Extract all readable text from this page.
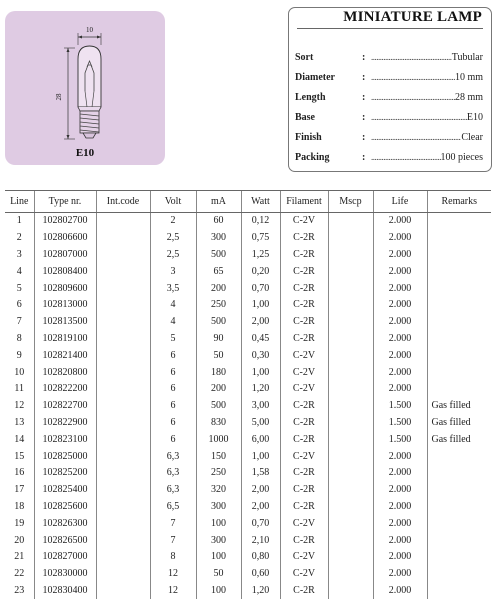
10
28
E10
MINIATURE LAMP
Sort	: .....	Tubular
Diameter	: .....	10 mm
Length	: .....	28 mm
Base	: .....	E10
Finish	: .....	Clear
Packing	: .....	100 pieces
Line	Type nr.	Int.code	Volt	mA	Watt	Filament	Mscp	Life	Remarks
1	102802700		2	60	0,12	C-2V		2.000	
2	102806600		2,5	300	0,75	C-2R		2.000	
3	102807000		2,5	500	1,25	C-2R		2.000	
4	102808400		3	65	0,20	C-2R		2.000	
5	102809600		3,5	200	0,70	C-2R		2.000	
6	102813000		4	250	1,00	C-2R		2.000	
7	102813500		4	500	2,00	C-2R		2.000	
8	102819100		5	90	0,45	C-2R		2.000	
9	102821400		6	50	0,30	C-2V		2.000	
10	102820800		6	180	1,00	C-2V		2.000	
11	102822200		6	200	1,20	C-2V		2.000	
12	102822700		6	500	3,00	C-2R		1.500	Gas filled
13	102822900		6	830	5,00	C-2R		1.500	Gas filled
14	102823100		6	1000	6,00	C-2R		1.500	Gas filled
15	102825000		6,3	150	1,00	C-2V		2.000	
16	102825200		6,3	250	1,58	C-2R		2.000	
17	102825400		6,3	320	2,00	C-2R		2.000	
18	102825600		6,5	300	2,00	C-2R		2.000	
19	102826300		7	100	0,70	C-2V		2.000	
20	102826500		7	300	2,10	C-2R		2.000	
21	102827000		8	100	0,80	C-2V		2.000	
22	102830000		12	50	0,60	C-2V		2.000	
23	102830400		12	100	1,20	C-2R		2.000	
